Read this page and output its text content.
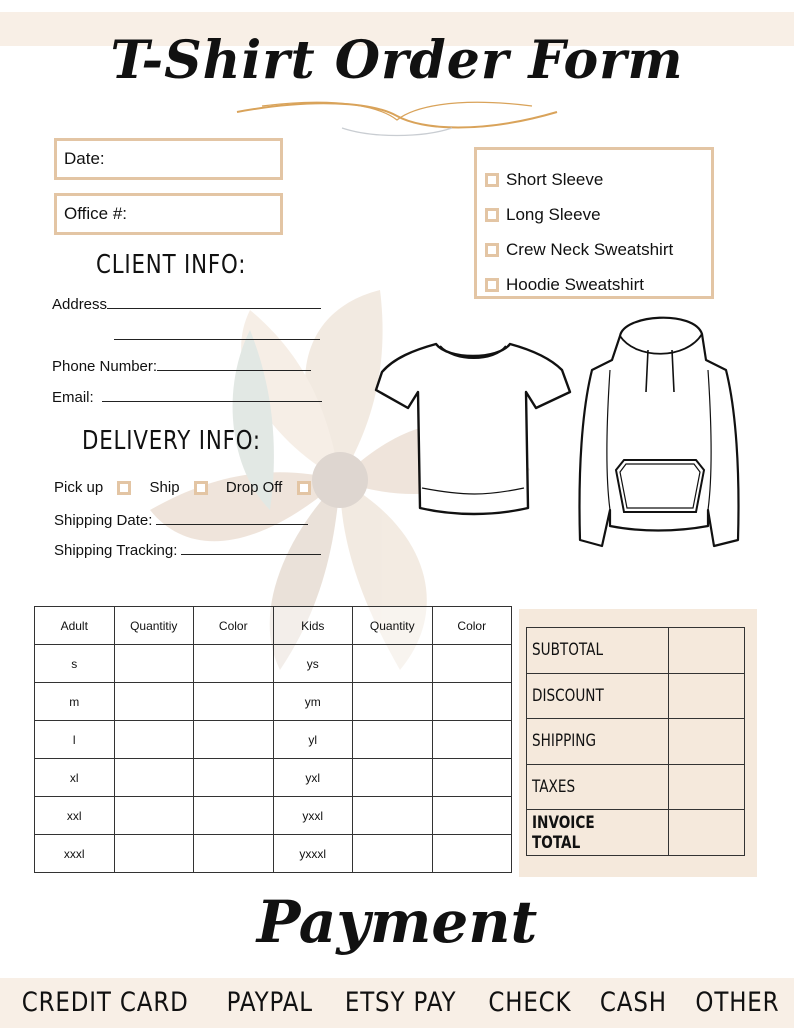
T-Shirt Order Form
Date:
Office #:
Short Sleeve
Long Sleeve
Crew Neck Sweatshirt
Hoodie Sweatshirt
CLIENT INFO:
Address
Phone Number:
Email:
DELIVERY INFO:
Pick up	Ship	Drop Off
Shipping Date:
Shipping Tracking:
Adult	Quantitiy	Color	Kids	Quantity	Color
s			ys		
m			ym		
l			yl		
xl			yxl		
xxl			yxxl		
xxxl			yxxxl		
SUBTOTAL	
DISCOUNT	
SHIPPING	
TAXES	
INVOICE TOTAL	
Payment
CREDIT CARD PAYPAL ETSY PAY CHECK CASH OTHER
